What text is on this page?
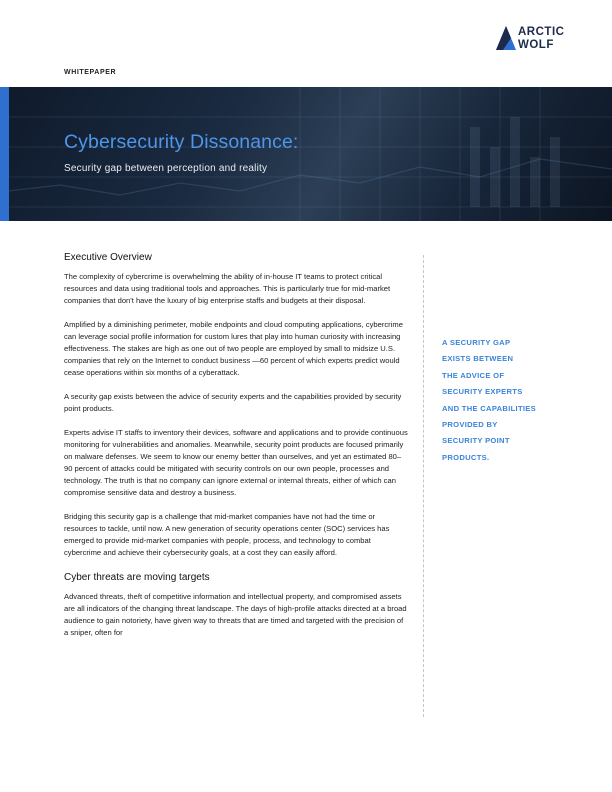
ARCTIC
WOLF
WHITEPAPER
Cybersecurity Dissonance:
Security gap between perception and reality
Executive Overview

The complexity of cybercrime is overwhelming the ability of in-house IT teams to protect critical resources and data using traditional tools and approaches. This is particularly true for mid-market companies that don't have the luxury of big enterprise staffs and budgets at their disposal.

Amplified by a diminishing perimeter, mobile endpoints and cloud computing applications, cybercrime can leverage social profile information for custom lures that play into human curiosity with increasing effectiveness. The stakes are high as one out of two people are employed by small to midsize U.S. companies that rely on the Internet to conduct business —60 percent of which experts predict would cease operations within six months of a cyberattack.

A security gap exists between the advice of security experts and the capabilities provided by security point products.

Experts advise IT staffs to inventory their devices, software and applications and to provide continuous monitoring for vulnerabilities and anomalies. Meanwhile, security point products are focused primarily on malware defenses. We seem to know our enemy better than ourselves, and yet an estimated 80–90 percent of attacks could be mitigated with security controls on our own people, processes and technology. The truth is that no company can ignore external or internal threats, either of which can compromise sensitive data and destroy a business.

Bridging this security gap is a challenge that mid-market companies have not had the time or resources to tackle, until now. A new generation of security operations center (SOC) services has emerged to provide mid-market companies with people, process, and technology to combat cybercrime and achieve their cybersecurity goals, at a cost they can easily afford.

Cyber threats are moving targets

Advanced threats, theft of competitive information and intellectual property, and compromised assets are all indicators of the changing threat landscape. The days of high-profile attacks directed at a broad audience to gain notoriety, have given way to threats that are timed and targeted with the precision of a sniper, often for

A SECURITY GAP
EXISTS BETWEEN
THE ADVICE OF
SECURITY EXPERTS
AND THE CAPABILITIES
PROVIDED BY
SECURITY POINT
PRODUCTS.
